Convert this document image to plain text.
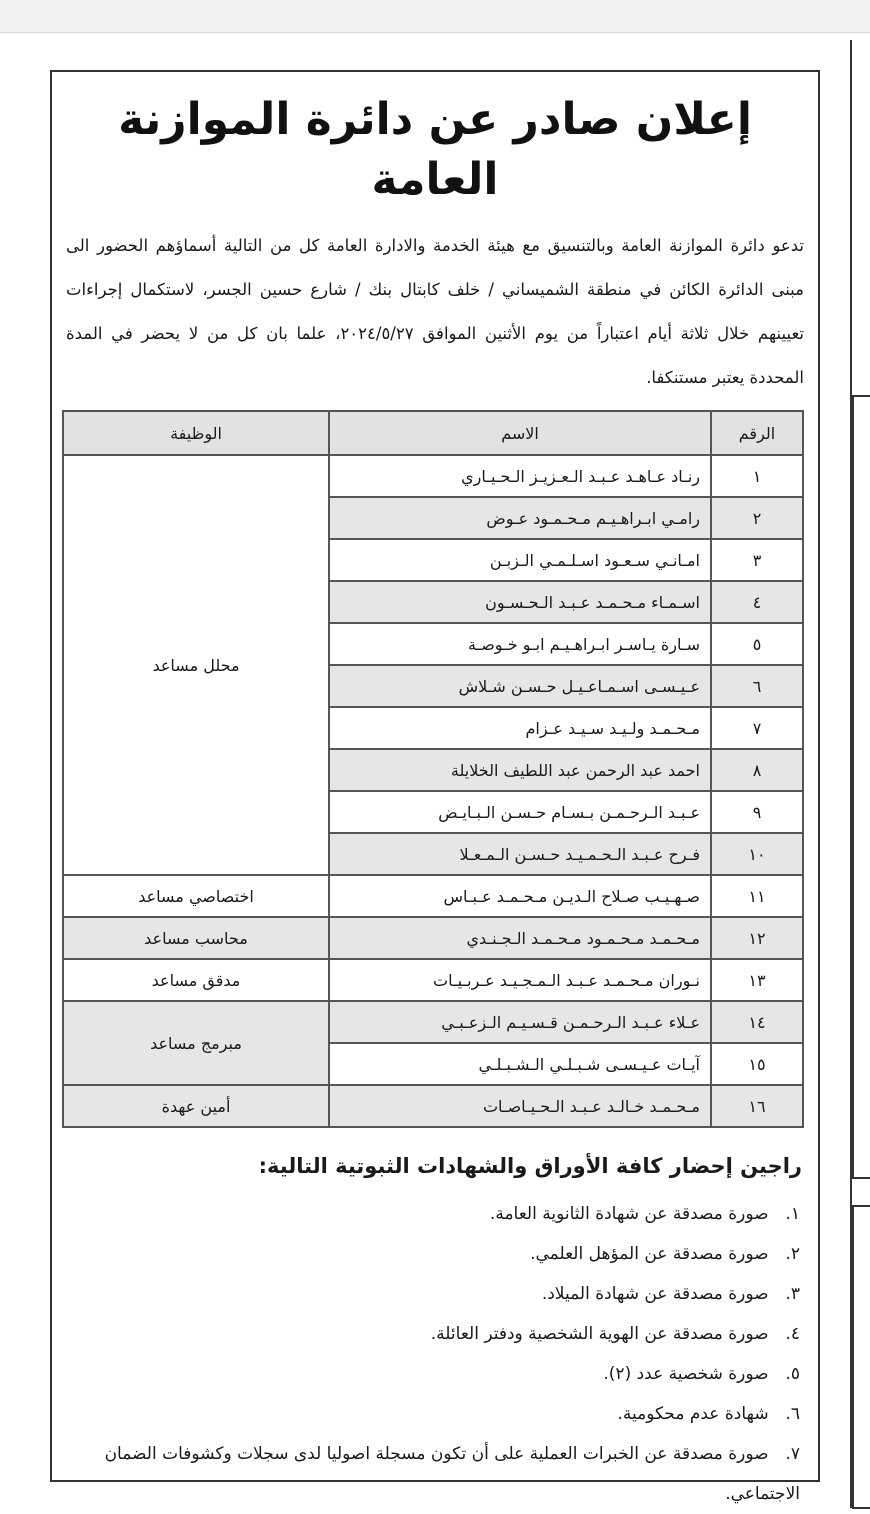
إعلان صادر عن دائرة الموازنة العامة

تدعو دائرة الموازنة العامة وبالتنسيق مع هيئة الخدمة والادارة العامة كل من التالية أسماؤهم الحضور الى مبنى الدائرة الكائن في منطقة الشميساني / خلف كابتال بنك / شارع حسين الجسر، لاستكمال إجراءات تعيينهم خلال ثلاثة أيام اعتباراً من يوم الأثنين الموافق ٢٠٢٤/٥/٢٧، علما بان كل من لا يحضر في المدة المحددة يعتبر مستنكفا.

الرقم	الاسم	الوظيفة
١	رنـاد عـاهـد عـبـد الـعـزيـز الـحـيـاري	محلل مساعد
٢	رامـي ابـراهـيـم مـحـمـود عـوض	
٣	امـانـي سـعـود اسـلـمـي الـزبـن	
٤	اسـمـاء مـحـمـد عـبـد الـحـسـون	
٥	سـارة يـاسـر ابـراهـيـم ابـو خـوصـة	
٦	عـيـسـى اسـمـاعـيـل حـسـن شـلاش	
٧	مـحـمـد ولـيـد سـيـد عـزام	
٨	احمد عبد الرحمن عبد اللطيف الخلايلة	
٩	عـبـد الـرحـمـن بـسـام حـسـن الـبـايـض	
١٠	فـرح عـبـد الـحـمـيـد حـسـن الـمـعـلا	
١١	صـهـيـب صـلاح الـديـن مـحـمـد عـبـاس	اختصاصي مساعد
١٢	مـحـمـد مـحـمـود مـحـمـد الـجـنـدي	محاسب مساعد
١٣	نـوران مـحـمـد عـبـد الـمـجـيـد عـربـيـات	مدقق مساعد
١٤	عـلاء عـبـد الـرحـمـن قـسـيـم الـزعـبـي	مبرمج مساعد
١٥	آيـات عـيـسـى شـبـلـي الـشـبـلـي	
١٦	مـحـمـد خـالـد عـبـد الـحـيـاصـات	أمين عهدة
راجين إحضار كافة الأوراق والشهادات الثبوتية التالية:
١. صورة مصدقة عن شهادة الثانوية العامة.
٢. صورة مصدقة عن المؤهل العلمي.
٣. صورة مصدقة عن شهادة الميلاد.
٤. صورة مصدقة عن الهوية الشخصية ودفتر العائلة.
٥. صورة شخصية عدد (٢).
٦. شهادة عدم محكومية.
٧. صورة مصدقة عن الخبرات العملية على أن تكون مسجلة اصوليا لدى سجلات وكشوفات الضمان الاجتماعي.
